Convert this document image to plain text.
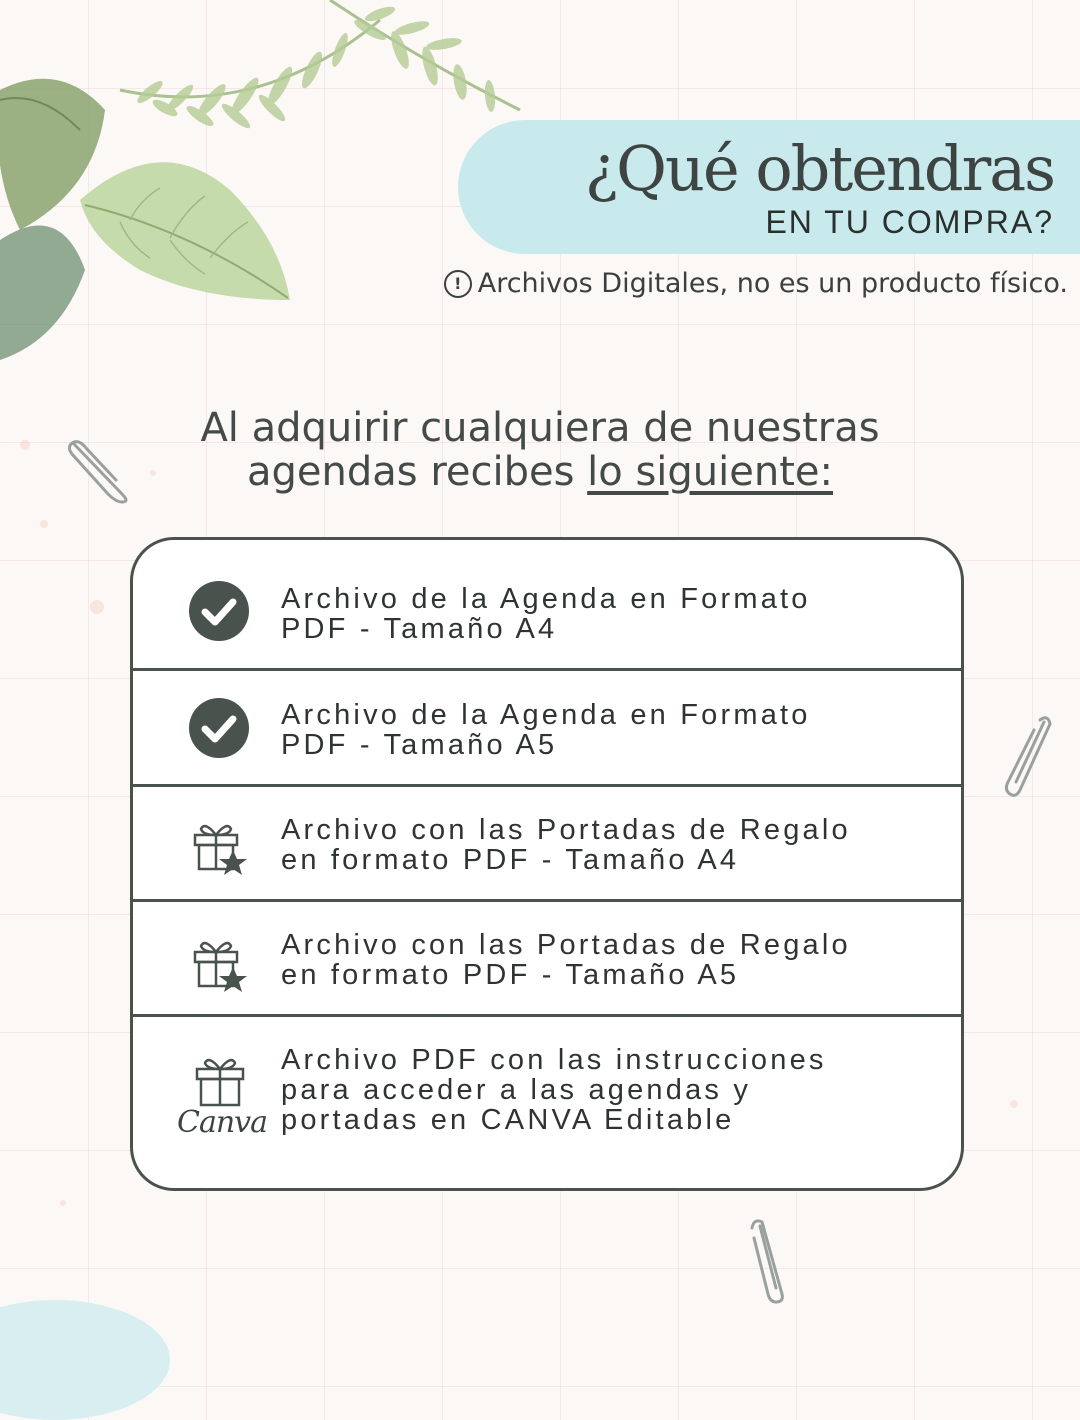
¿Qué obtendras
EN TU COMPRA?
! Archivos Digitales, no es un producto físico.
Al adquirir cualquiera de nuestras
agendas recibes lo siguiente:
Archivo de la Agenda en Formato
PDF - Tamaño A4
Archivo de la Agenda en Formato
PDF - Tamaño A5
Archivo con las Portadas de Regalo
en formato PDF - Tamaño A4
Archivo con las Portadas de Regalo
en formato PDF - Tamaño A5
Canva
Archivo PDF con las instrucciones
para acceder a las agendas y
portadas en CANVA Editable
